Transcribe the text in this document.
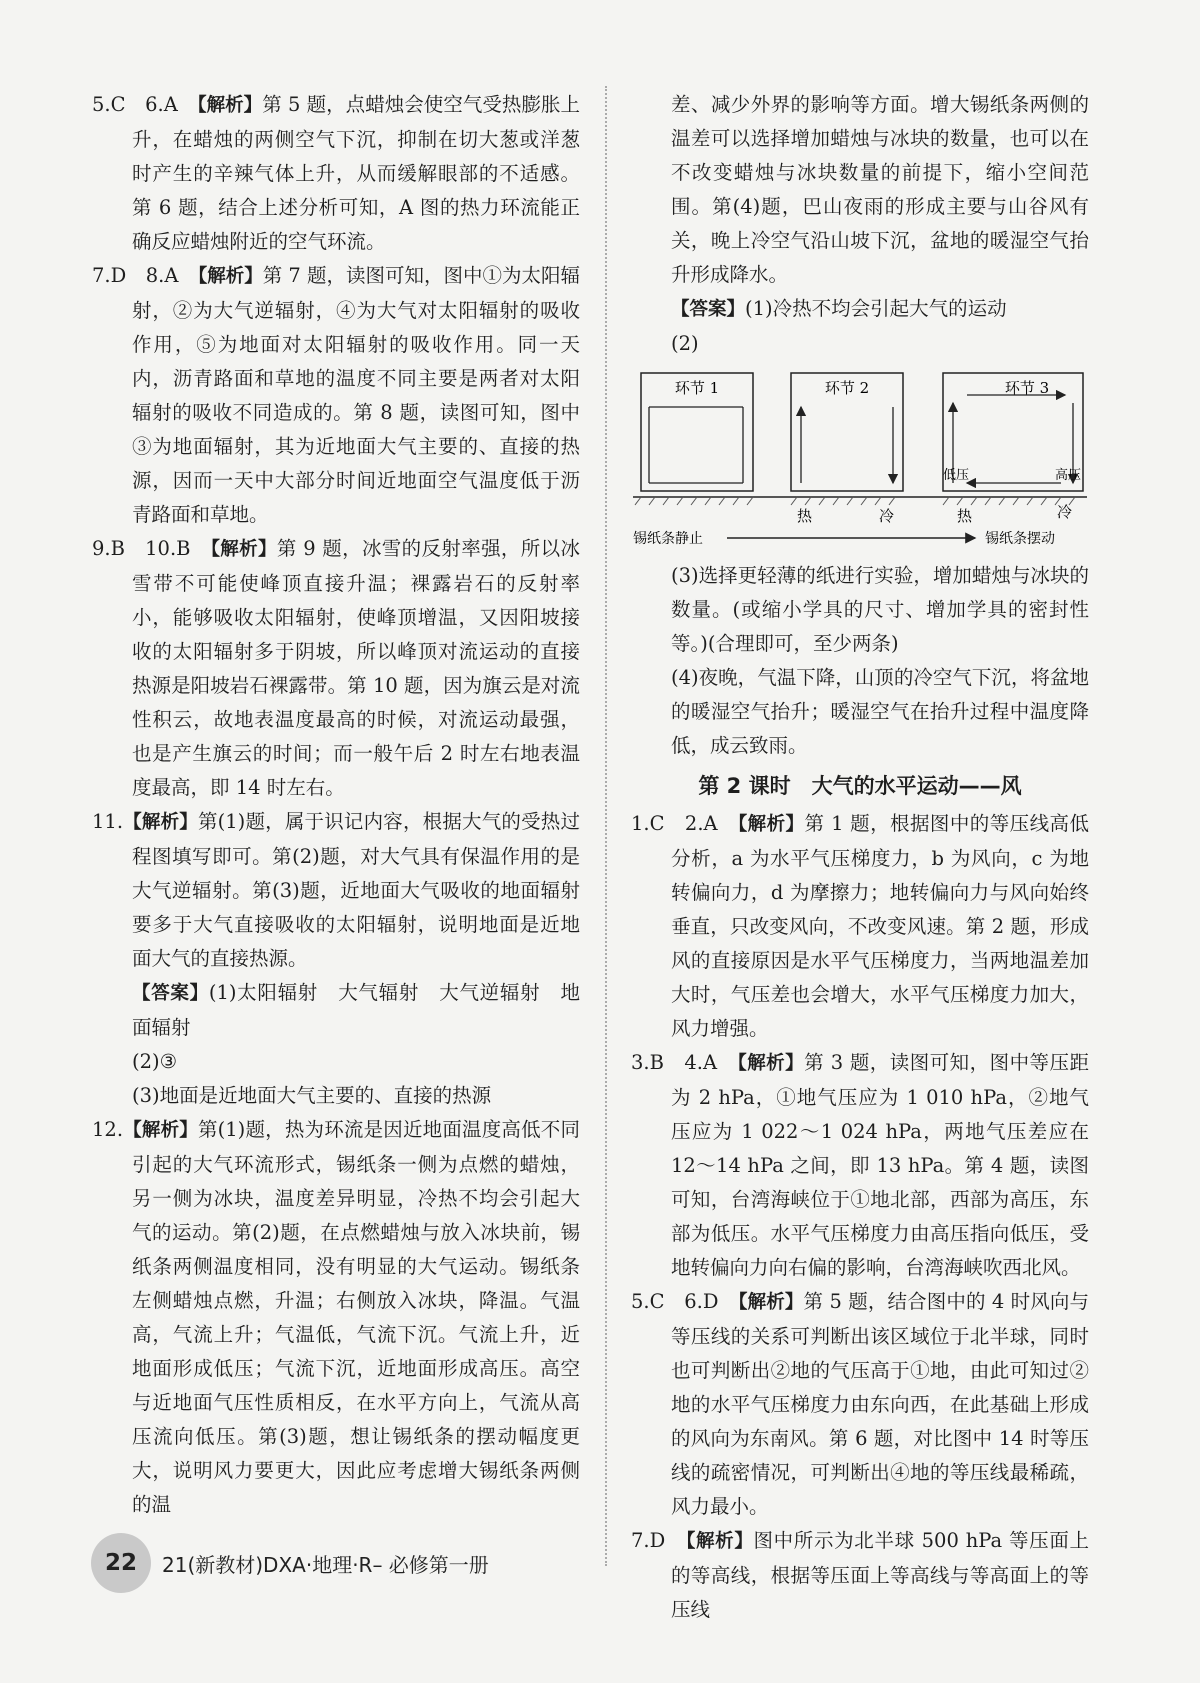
5.C　6.A　【解析】第 5 题，点蜡烛会使空气受热膨胀上升，在蜡烛的两侧空气下沉，抑制在切大葱或洋葱时产生的辛辣气体上升，从而缓解眼部的不适感。第 6 题，结合上述分析可知，A 图的热力环流能正确反应蜡烛附近的空气环流。
7.D　8.A　【解析】第 7 题，读图可知，图中①为太阳辐射，②为大气逆辐射，④为大气对太阳辐射的吸收作用，⑤为地面对太阳辐射的吸收作用。同一天内，沥青路面和草地的温度不同主要是两者对太阳辐射的吸收不同造成的。第 8 题，读图可知，图中③为地面辐射，其为近地面大气主要的、直接的热源，因而一天中大部分时间近地面空气温度低于沥青路面和草地。
9.B　10.B　【解析】第 9 题，冰雪的反射率强，所以冰雪带不可能使峰顶直接升温；裸露岩石的反射率小，能够吸收太阳辐射，使峰顶增温，又因阳坡接收的太阳辐射多于阴坡，所以峰顶对流运动的直接热源是阳坡岩石裸露带。第 10 题，因为旗云是对流性积云，故地表温度最高的时候，对流运动最强，也是产生旗云的时间；而一般午后 2 时左右地表温度最高，即 14 时左右。
11.【解析】第(1)题，属于识记内容，根据大气的受热过程图填写即可。第(2)题，对大气具有保温作用的是大气逆辐射。第(3)题，近地面大气吸收的地面辐射要多于大气直接吸收的太阳辐射，说明地面是近地面大气的直接热源。
【答案】(1)太阳辐射　大气辐射　大气逆辐射　地面辐射
(2)③
(3)地面是近地面大气主要的、直接的热源
12.【解析】第(1)题，热为环流是因近地面温度高低不同引起的大气环流形式，锡纸条一侧为点燃的蜡烛，另一侧为冰块，温度差异明显，冷热不均会引起大气的运动。第(2)题，在点燃蜡烛与放入冰块前，锡纸条两侧温度相同，没有明显的大气运动。锡纸条左侧蜡烛点燃，升温；右侧放入冰块，降温。气温高，气流上升；气温低，气流下沉。气流上升，近地面形成低压；气流下沉，近地面形成高压。高空与近地面气压性质相反，在水平方向上，气流从高压流向低压。第(3)题，想让锡纸条的摆动幅度更大，说明风力要更大，因此应考虑增大锡纸条两侧的温
差、减少外界的影响等方面。增大锡纸条两侧的温差可以选择增加蜡烛与冰块的数量，也可以在不改变蜡烛与冰块数量的前提下，缩小空间范围。第(4)题，巴山夜雨的形成主要与山谷风有关，晚上冷空气沿山坡下沉，盆地的暖湿空气抬升形成降水。
【答案】(1)冷热不均会引起大气的运动
(2)
环节 1	环节 2	环节 3
低压	高压
热	冷	热	冷
锡纸条静止	锡纸条摆动
(3)选择更轻薄的纸进行实验，增加蜡烛与冰块的数量。(或缩小学具的尺寸、增加学具的密封性等。)(合理即可，至少两条)
(4)夜晚，气温下降，山顶的冷空气下沉，将盆地的暖湿空气抬升；暖湿空气在抬升过程中温度降低，成云致雨。
第 2 课时　大气的水平运动——风
1.C　2.A　【解析】第 1 题，根据图中的等压线高低分析，a 为水平气压梯度力，b 为风向，c 为地转偏向力，d 为摩擦力；地转偏向力与风向始终垂直，只改变风向，不改变风速。第 2 题，形成风的直接原因是水平气压梯度力，当两地温差加大时，气压差也会增大，水平气压梯度力加大，风力增强。
3.B　4.A　【解析】第 3 题，读图可知，图中等压距为 2 hPa，①地气压应为 1 010 hPa，②地气压应为 1 022～1 024 hPa，两地气压差应在 12～14 hPa 之间，即 13 hPa。第 4 题，读图可知，台湾海峡位于①地北部，西部为高压，东部为低压。水平气压梯度力由高压指向低压，受地转偏向力向右偏的影响，台湾海峡吹西北风。
5.C　6.D　【解析】第 5 题，结合图中的 4 时风向与等压线的关系可判断出该区域位于北半球，同时也可判断出②地的气压高于①地，由此可知过②地的水平气压梯度力由东向西，在此基础上形成的风向为东南风。第 6 题，对比图中 14 时等压线的疏密情况，可判断出④地的等压线最稀疏，风力最小。
7.D　【解析】图中所示为北半球 500 hPa 等压面上的等高线，根据等压面上等高线与等高面上的等压线
22	21(新教材)DXA·地理·R– 必修第一册
